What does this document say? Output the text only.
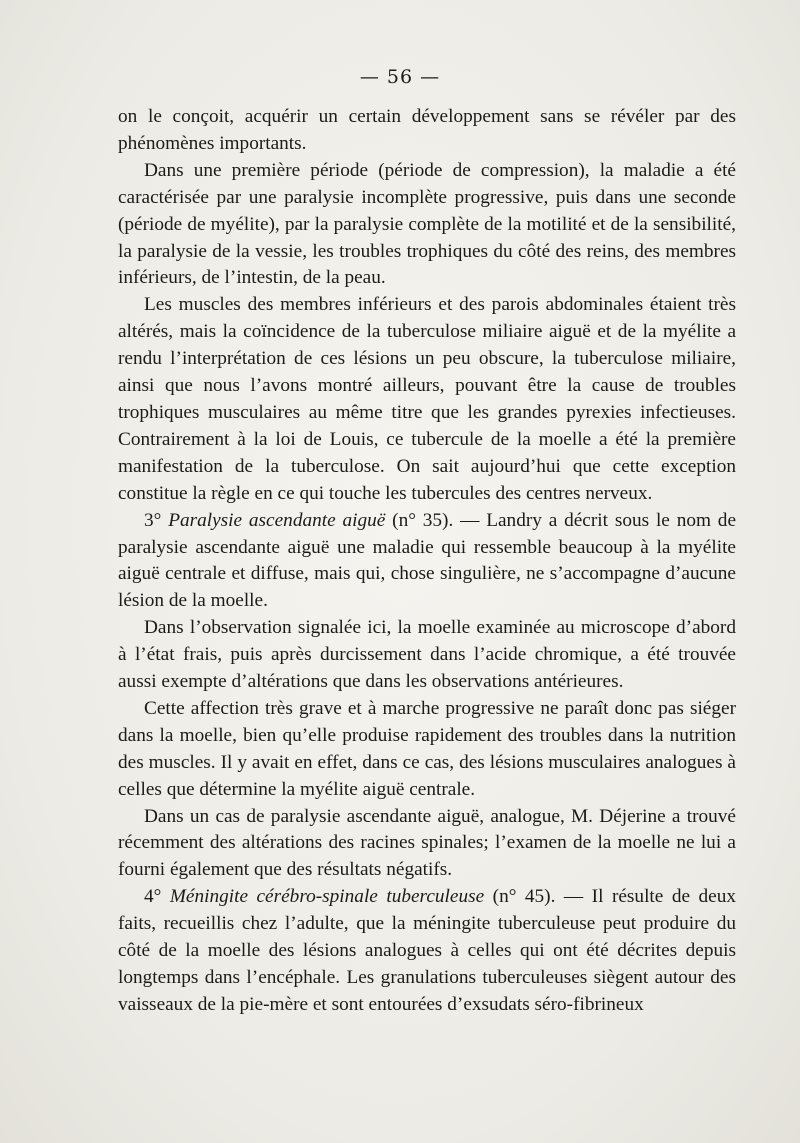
— 56 —

on le conçoit, acquérir un certain développement sans se révéler par des phénomènes importants.

Dans une première période (période de compression), la maladie a été caractérisée par une paralysie incomplète progressive, puis dans une seconde (période de myélite), par la paralysie complète de la motilité et de la sensibilité, la paralysie de la vessie, les troubles trophiques du côté des reins, des membres inférieurs, de l’intestin, de la peau.

Les muscles des membres inférieurs et des parois abdominales étaient très altérés, mais la coïncidence de la tuberculose miliaire aiguë et de la myélite a rendu l’interprétation de ces lésions un peu obscure, la tuberculose miliaire, ainsi que nous l’avons montré ailleurs, pouvant être la cause de troubles trophiques musculaires au même titre que les grandes pyrexies infectieuses. Contrairement à la loi de Louis, ce tubercule de la moelle a été la première manifestation de la tuberculose. On sait aujourd’hui que cette exception constitue la règle en ce qui touche les tubercules des centres nerveux.

3° Paralysie ascendante aiguë (n° 35). — Landry a décrit sous le nom de paralysie ascendante aiguë une maladie qui ressemble beaucoup à la myélite aiguë centrale et diffuse, mais qui, chose singulière, ne s’accompagne d’aucune lésion de la moelle.

Dans l’observation signalée ici, la moelle examinée au microscope d’abord à l’état frais, puis après durcissement dans l’acide chromique, a été trouvée aussi exempte d’altérations que dans les observations antérieures.

Cette affection très grave et à marche progressive ne paraît donc pas siéger dans la moelle, bien qu’elle produise rapidement des troubles dans la nutrition des muscles. Il y avait en effet, dans ce cas, des lésions musculaires analogues à celles que détermine la myélite aiguë centrale.

Dans un cas de paralysie ascendante aiguë, analogue, M. Déjerine a trouvé récemment des altérations des racines spinales; l’examen de la moelle ne lui a fourni également que des résultats négatifs.

4° Méningite cérébro-spinale tuberculeuse (n° 45). — Il résulte de deux faits, recueillis chez l’adulte, que la méningite tuberculeuse peut produire du côté de la moelle des lésions analogues à celles qui ont été décrites depuis longtemps dans l’encéphale. Les granulations tuberculeuses siègent autour des vaisseaux de la pie-mère et sont entourées d’exsudats séro-fibrineux
